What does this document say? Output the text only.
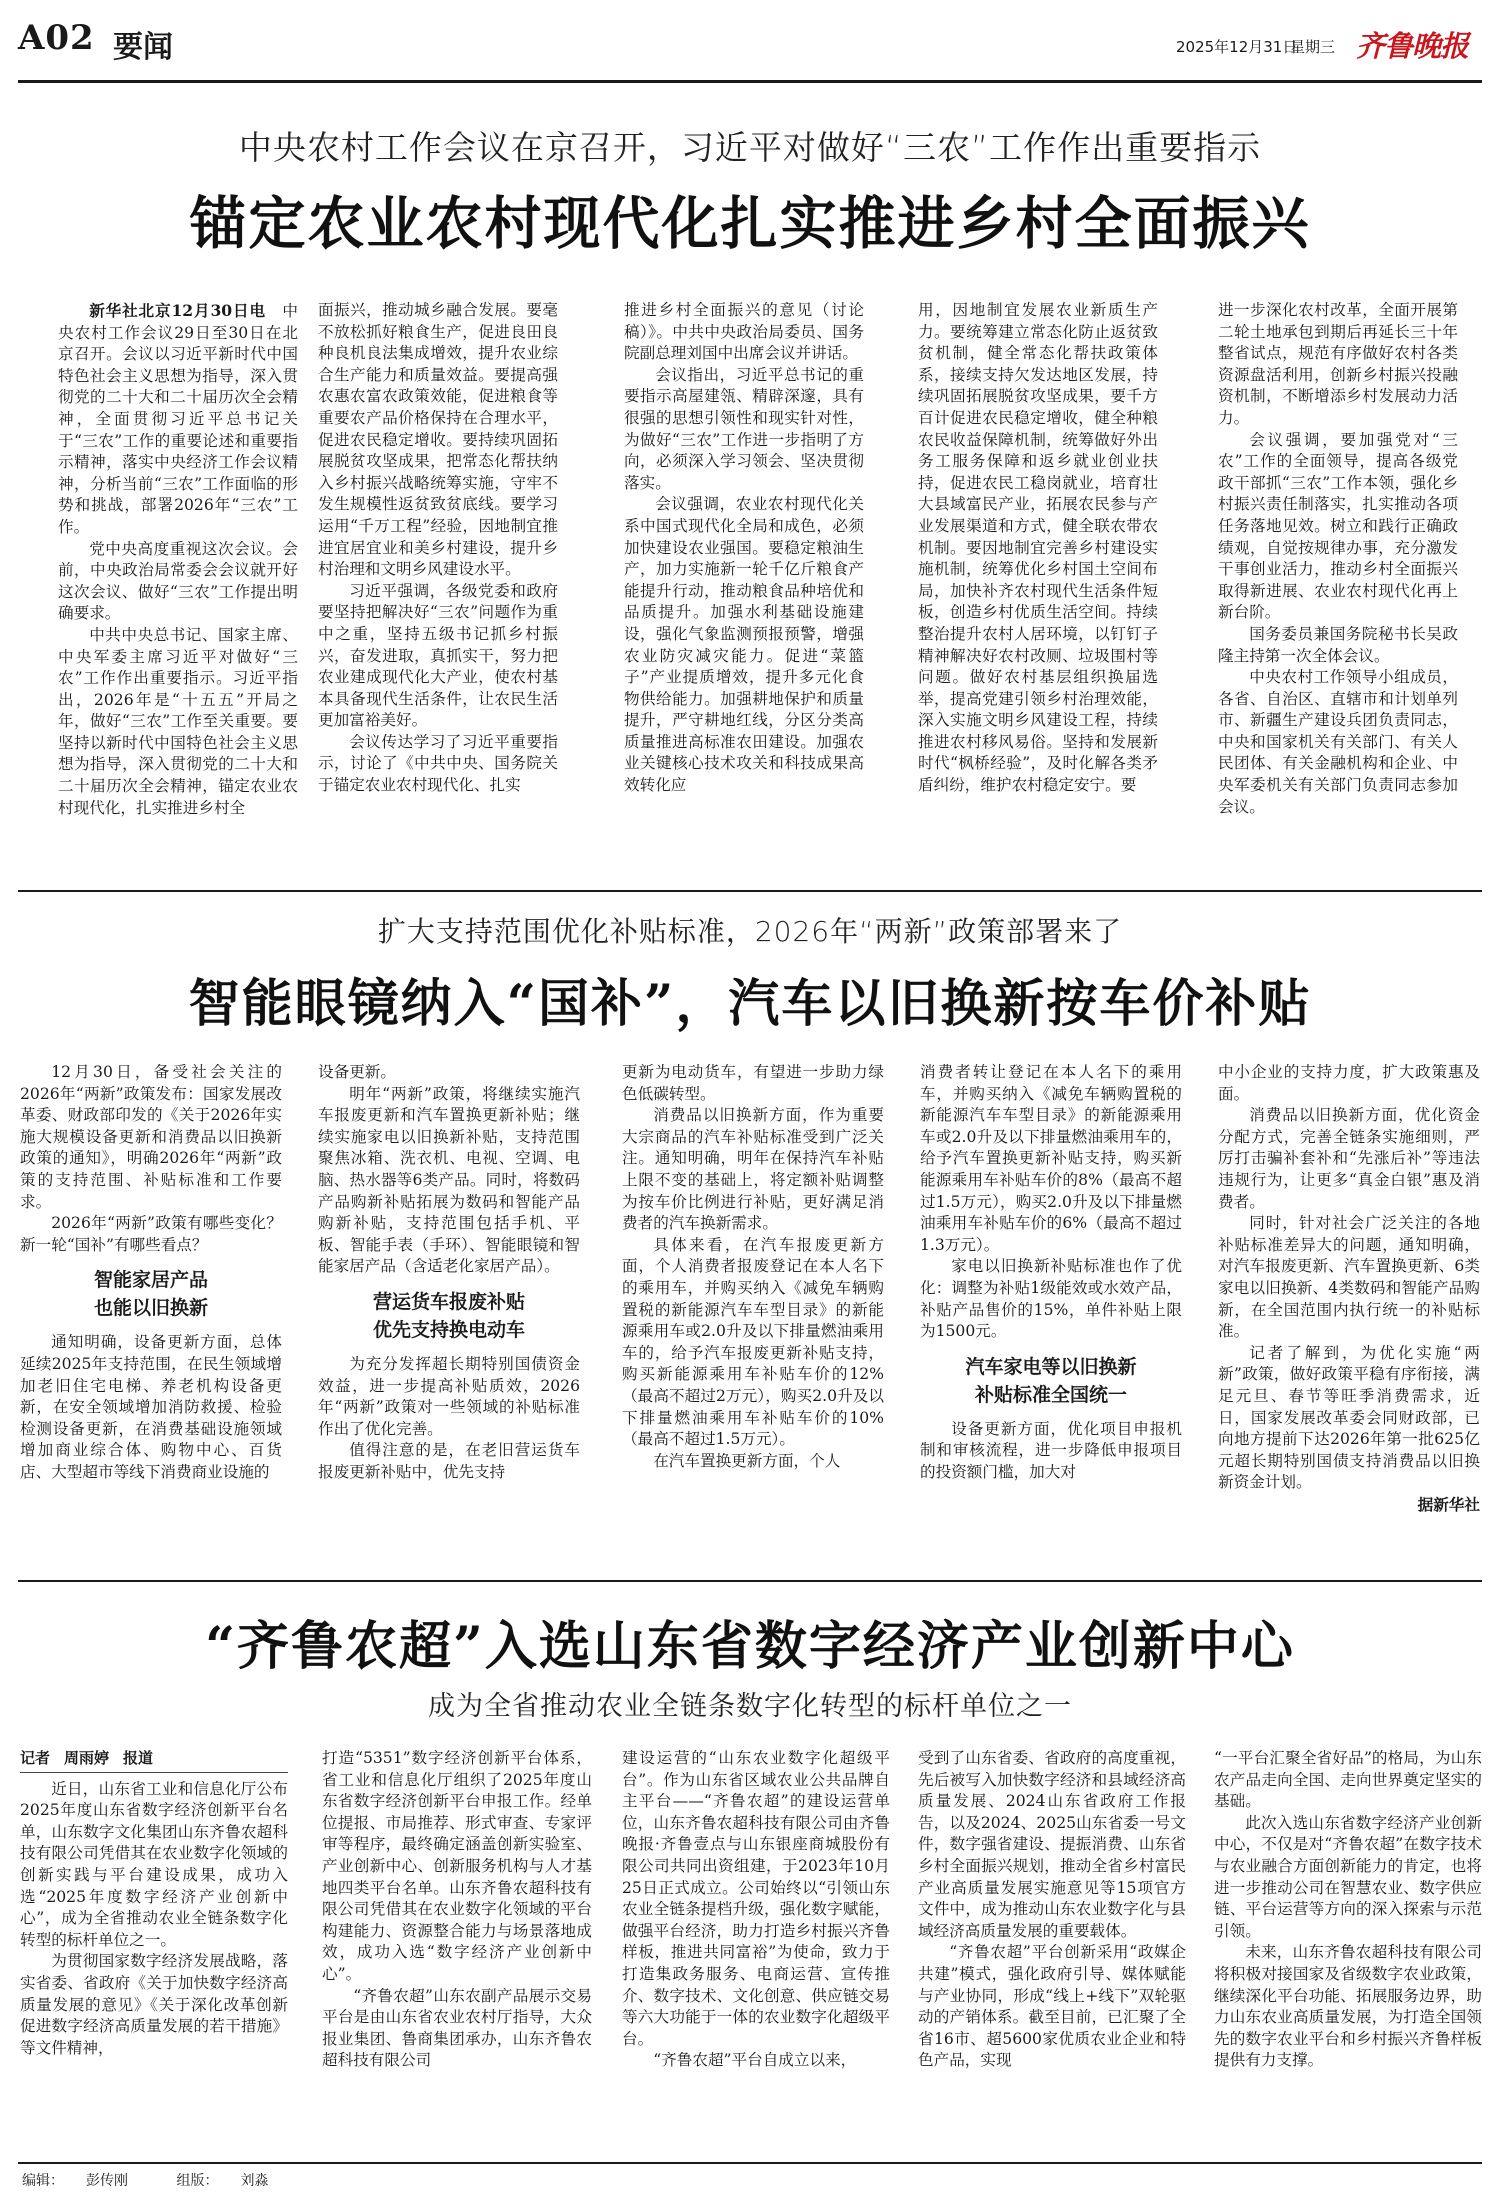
A02 要闻	2025年12月31日
星期三 齐鲁晚报
中央农村工作会议在京召开，习近平对做好“三农”工作作出重要指示
锚定农业农村现代化扎实推进乡村全面振兴

新华社北京12月30日电　 中央农村工作会议29日至30日在北京召开。会议以习近平新时代中国特色社会主义思想为指导，深入贯彻党的二十大和二十届历次全会精神，全面贯彻习近平总书记关于“三农”工作的重要论述和重要指示精神，落实中央经济工作会议精神，分析当前“三农”工作面临的形势和挑战，部署2026年“三农”工作。

党中央高度重视这次会议。会前，中央政治局常委会会议就开好这次会议、做好“三农”工作提出明确要求。

中共中央总书记、国家主席、中央军委主席习近平对做好“三农”工作作出重要指示。习近平指出，2026年是“十五五”开局之年，做好“三农”工作至关重要。要坚持以新时代中国特色社会主义思想为指导，深入贯彻党的二十大和二十届历次全会精神，锚定农业农村现代化，扎实推进乡村全

面振兴，推动城乡融合发展。要毫不放松抓好粮食生产，促进良田良种良机良法集成增效，提升农业综合生产能力和质量效益。要提高强农惠农富农政策效能，促进粮食等重要农产品价格保持在合理水平，促进农民稳定增收。要持续巩固拓展脱贫攻坚成果，把常态化帮扶纳入乡村振兴战略统筹实施，守牢不发生规模性返贫致贫底线。要学习运用“千万工程”经验，因地制宜推进宜居宜业和美乡村建设，提升乡村治理和文明乡风建设水平。

习近平强调，各级党委和政府要坚持把解决好“三农”问题作为重中之重，坚持五级书记抓乡村振兴，奋发进取，真抓实干，努力把农业建成现代化大产业，使农村基本具备现代生活条件，让农民生活更加富裕美好。

会议传达学习了习近平重要指示，讨论了《中共中央、国务院关于锚定农业农村现代化、扎实

推进乡村全面振兴的意见（讨论稿）》。中共中央政治局委员、国务院副总理刘国中出席会议并讲话。

会议指出，习近平总书记的重要指示高屋建瓴、精辟深邃，具有很强的思想引领性和现实针对性，为做好“三农”工作进一步指明了方向，必须深入学习领会、坚决贯彻落实。

会议强调，农业农村现代化关系中国式现代化全局和成色，必须加快建设农业强国。要稳定粮油生产，加力实施新一轮千亿斤粮食产能提升行动，推动粮食品种培优和品质提升。加强水利基础设施建设，强化气象监测预报预警，增强农业防灾减灾能力。促进“菜篮子”产业提质增效，提升多元化食物供给能力。加强耕地保护和质量提升，严守耕地红线，分区分类高质量推进高标准农田建设。加强农业关键核心技术攻关和科技成果高效转化应

用，因地制宜发展农业新质生产力。要统筹建立常态化防止返贫致贫机制，健全常态化帮扶政策体系，接续支持欠发达地区发展，持续巩固拓展脱贫攻坚成果，要千方百计促进农民稳定增收，健全种粮农民收益保障机制，统筹做好外出务工服务保障和返乡就业创业扶持，促进农民工稳岗就业，培育壮大县域富民产业，拓展农民参与产业发展渠道和方式，健全联农带农机制。要因地制宜完善乡村建设实施机制，统筹优化乡村国土空间布局，加快补齐农村现代生活条件短板，创造乡村优质生活空间。持续整治提升农村人居环境，以钉钉子精神解决好农村改厕、垃圾围村等问题。做好农村基层组织换届选举，提高党建引领乡村治理效能，深入实施文明乡风建设工程，持续推进农村移风易俗。坚持和发展新时代“枫桥经验”，及时化解各类矛盾纠纷，维护农村稳定安宁。要

进一步深化农村改革，全面开展第二轮土地承包到期后再延长三十年整省试点，规范有序做好农村各类资源盘活利用，创新乡村振兴投融资机制，不断增添乡村发展动力活力。

会议强调，要加强党对“三农”工作的全面领导，提高各级党政干部抓“三农”工作本领，强化乡村振兴责任制落实，扎实推动各项任务落地见效。树立和践行正确政绩观，自觉按规律办事，充分激发干事创业活力，推动乡村全面振兴取得新进展、农业农村现代化再上新台阶。

国务委员兼国务院秘书长吴政隆主持第一次全体会议。

中央农村工作领导小组成员，各省、自治区、直辖市和计划单列市、新疆生产建设兵团负责同志，中央和国家机关有关部门、有关人民团体、有关金融机构和企业、中央军委机关有关部门负责同志参加会议。

扩大支持范围优化补贴标准，2026年“两新”政策部署来了
智能眼镜纳入“国补”，汽车以旧换新按车价补贴

12月30日，备受社会关注的2026年“两新”政策发布：国家发展改革委、财政部印发的《关于2026年实施大规模设备更新和消费品以旧换新政策的通知》，明确2026年“两新”政策的支持范围、补贴标准和工作要求。

2026年“两新”政策有哪些变化？新一轮“国补”有哪些看点？

智能家居产品
也能以旧换新

通知明确，设备更新方面，总体延续2025年支持范围，在民生领域增加老旧住宅电梯、养老机构设备更新，在安全领域增加消防救援、检验检测设备更新，在消费基础设施领域增加商业综合体、购物中心、百货店、大型超市等线下消费商业设施的

设备更新。

明年“两新”政策，将继续实施汽车报废更新和汽车置换更新补贴；继续实施家电以旧换新补贴，支持范围聚焦冰箱、洗衣机、电视、空调、电脑、热水器等6类产品。同时，将数码产品购新补贴拓展为数码和智能产品购新补贴，支持范围包括手机、平板、智能手表（手环）、智能眼镜和智能家居产品（含适老化家居产品）。

营运货车报废补贴
优先支持换电动车

为充分发挥超长期特别国债资金效益，进一步提高补贴质效，2026年“两新”政策对一些领域的补贴标准作出了优化完善。

值得注意的是，在老旧营运货车报废更新补贴中，优先支持

更新为电动货车，有望进一步助力绿色低碳转型。

消费品以旧换新方面，作为重要大宗商品的汽车补贴标准受到广泛关注。通知明确，明年在保持汽车补贴上限不变的基础上，将定额补贴调整为按车价比例进行补贴，更好满足消费者的汽车换新需求。

具体来看，在汽车报废更新方面，个人消费者报废登记在本人名下的乘用车，并购买纳入《减免车辆购置税的新能源汽车车型目录》的新能源乘用车或2.0升及以下排量燃油乘用车的，给予汽车报废更新补贴支持，购买新能源乘用车补贴车价的12%（最高不超过2万元），购买2.0升及以下排量燃油乘用车补贴车价的10%（最高不超过1.5万元）。

在汽车置换更新方面，个人

消费者转让登记在本人名下的乘用车，并购买纳入《减免车辆购置税的新能源汽车车型目录》的新能源乘用车或2.0升及以下排量燃油乘用车的，给予汽车置换更新补贴支持，购买新能源乘用车补贴车价的8%（最高不超过1.5万元），购买2.0升及以下排量燃油乘用车补贴车价的6%（最高不超过1.3万元）。

家电以旧换新补贴标准也作了优化：调整为补贴1级能效或水效产品，补贴产品售价的15%，单件补贴上限为1500元。

汽车家电等以旧换新
补贴标准全国统一

设备更新方面，优化项目申报机制和审核流程，进一步降低申报项目的投资额门槛，加大对

中小企业的支持力度，扩大政策惠及面。

消费品以旧换新方面，优化资金分配方式，完善全链条实施细则，严厉打击骗补套补和“先涨后补”等违法违规行为，让更多“真金白银”惠及消费者。

同时，针对社会广泛关注的各地补贴标准差异大的问题，通知明确，对汽车报废更新、汽车置换更新、6类家电以旧换新、4类数码和智能产品购新，在全国范围内执行统一的补贴标准。

记者了解到，为优化实施“两新”政策，做好政策平稳有序衔接，满足元旦、春节等旺季消费需求，近日，国家发展改革委会同财政部，已向地方提前下达2026年第一批625亿元超长期特别国债支持消费品以旧换新资金计划。

据新华社

“齐鲁农超”入选山东省数字经济产业创新中心
成为全省推动农业全链条数字化转型的标杆单位之一

记者 周雨婷 报道

近日，山东省工业和信息化厅公布2025年度山东省数字经济创新平台名单，山东数字文化集团山东齐鲁农超科技有限公司凭借其在农业数字化领域的创新实践与平台建设成果，成功入选“2025年度数字经济产业创新中心”，成为全省推动农业全链条数字化转型的标杆单位之一。

为贯彻国家数字经济发展战略，落实省委、省政府《关于加快数字经济高质量发展的意见》《关于深化改革创新促进数字经济高质量发展的若干措施》等文件精神，

打造“5351”数字经济创新平台体系，省工业和信息化厅组织了2025年度山东省数字经济创新平台申报工作。经单位提报、市局推荐、形式审查、专家评审等程序，最终确定涵盖创新实验室、产业创新中心、创新服务机构与人才基地四类平台名单。山东齐鲁农超科技有限公司凭借其在农业数字化领域的平台构建能力、资源整合能力与场景落地成效，成功入选“数字经济产业创新中心”。

“齐鲁农超”山东农副产品展示交易平台是由山东省农业农村厅指导，大众报业集团、鲁商集团承办，山东齐鲁农超科技有限公司

建设运营的“山东农业数字化超级平台”。作为山东省区域农业公共品牌自主平台——“齐鲁农超”的建设运营单位，山东齐鲁农超科技有限公司由齐鲁晚报·齐鲁壹点与山东银座商城股份有限公司共同出资组建，于2023年10月25日正式成立。公司始终以“引领山东农业全链条提档升级，强化数字赋能，做强平台经济，助力打造乡村振兴齐鲁样板，推进共同富裕”为使命，致力于打造集政务服务、电商运营、宣传推介、数字技术、文化创意、供应链交易等六大功能于一体的农业数字化超级平台。

“齐鲁农超”平台自成立以来，

受到了山东省委、省政府的高度重视，先后被写入加快数字经济和县域经济高质量发展、2024山东省政府工作报告，以及2024、2025山东省委一号文件，数字强省建设、提振消费、山东省乡村全面振兴规划，推动全省乡村富民产业高质量发展实施意见等15项官方文件中，成为推动山东农业数字化与县域经济高质量发展的重要载体。

“齐鲁农超”平台创新采用“政媒企共建”模式，强化政府引导、媒体赋能与产业协同，形成“线上+线下”双轮驱动的产销体系。截至目前，已汇聚了全省16市、超5600家优质农业企业和特色产品，实现

“一平台汇聚全省好品”的格局，为山东农产品走向全国、走向世界奠定坚实的基础。

此次入选山东省数字经济产业创新中心，不仅是对“齐鲁农超”在数字技术与农业融合方面创新能力的肯定，也将进一步推动公司在智慧农业、数字供应链、平台运营等方向的深入探索与示范引领。

未来，山东齐鲁农超科技有限公司将积极对接国家及省级数字农业政策，继续深化平台功能、拓展服务边界，助力山东农业高质量发展，为打造全国领先的数字农业平台和乡村振兴齐鲁样板提供有力支撑。

编辑： 彭传刚	组版： 刘淼
